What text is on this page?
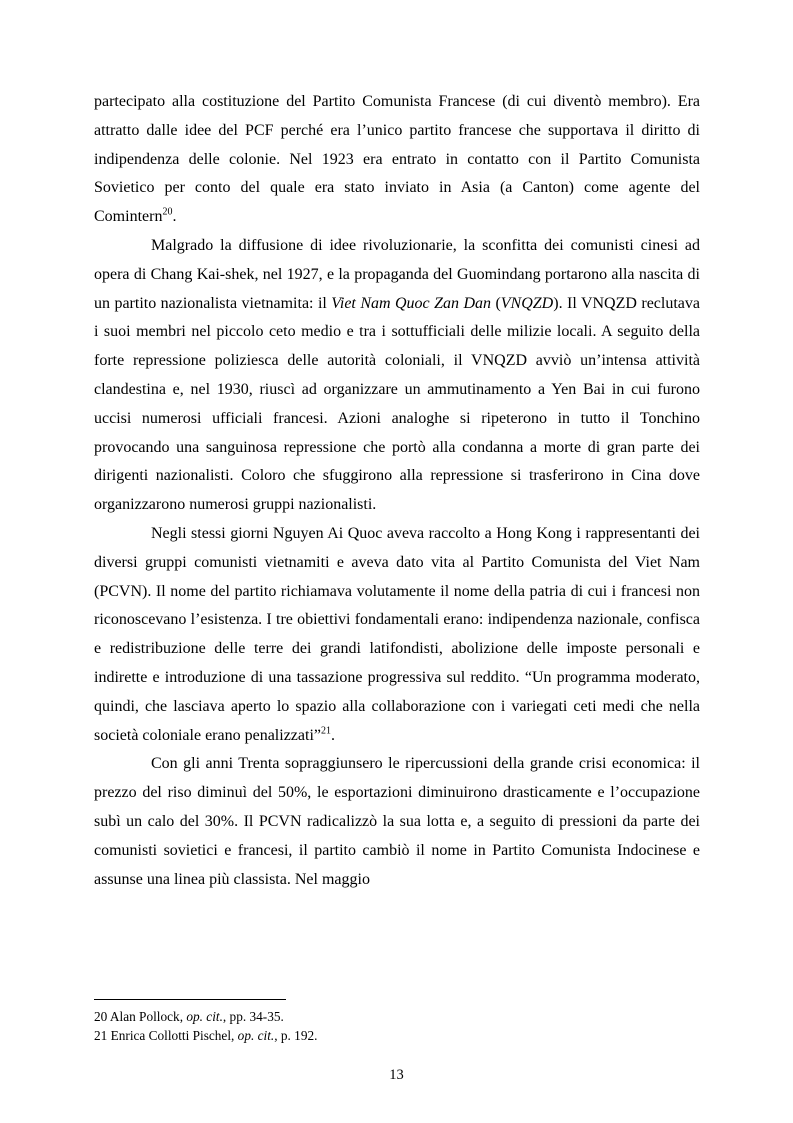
partecipato alla costituzione del Partito Comunista Francese (di cui diventò membro). Era attratto dalle idee del PCF perché era l’unico partito francese che supportava il diritto di indipendenza delle colonie. Nel 1923 era entrato in contatto con il Partito Comunista Sovietico per conto del quale era stato inviato in Asia (a Canton) come agente del Comintern$^{20}$.

Malgrado la diffusione di idee rivoluzionarie, la sconfitta dei comunisti cinesi ad opera di Chang Kai-shek, nel 1927, e la propaganda del Guomindang portarono alla nascita di un partito nazionalista vietnamita: il Viet Nam Quoc Zan Dan (VNQZD). Il VNQZD reclutava i suoi membri nel piccolo ceto medio e tra i sottufficiali delle milizie locali. A seguito della forte repressione poliziesca delle autorità coloniali, il VNQZD avviò un’intensa attività clandestina e, nel 1930, riuscì ad organizzare un ammutinamento a Yen Bai in cui furono uccisi numerosi ufficiali francesi. Azioni analoghe si ripeterono in tutto il Tonchino provocando una sanguinosa repressione che portò alla condanna a morte di gran parte dei dirigenti nazionalisti. Coloro che sfuggirono alla repressione si trasferirono in Cina dove organizzarono numerosi gruppi nazionalisti.

Negli stessi giorni Nguyen Ai Quoc aveva raccolto a Hong Kong i rappresentanti dei diversi gruppi comunisti vietnamiti e aveva dato vita al Partito Comunista del Viet Nam (PCVN). Il nome del partito richiamava volutamente il nome della patria di cui i francesi non riconoscevano l’esistenza. I tre obiettivi fondamentali erano: indipendenza nazionale, confisca e redistribuzione delle terre dei grandi latifondisti, abolizione delle imposte personali e indirette e introduzione di una tassazione progressiva sul reddito. “Un programma moderato, quindi, che lasciava aperto lo spazio alla collaborazione con i variegati ceti medi che nella società coloniale erano penalizzati”$^{21}$.

Con gli anni Trenta sopraggiunsero le ripercussioni della grande crisi economica: il prezzo del riso diminuì del 50%, le esportazioni diminuirono drasticamente e l’occupazione subì un calo del 30%. Il PCVN radicalizzò la sua lotta e, a seguito di pressioni da parte dei comunisti sovietici e francesi, il partito cambiò il nome in Partito Comunista Indocinese e assunse una linea più classista. Nel maggio

20 Alan Pollock, op. cit., pp. 34-35.

21 Enrica Collotti Pischel, op. cit., p. 192.

13
